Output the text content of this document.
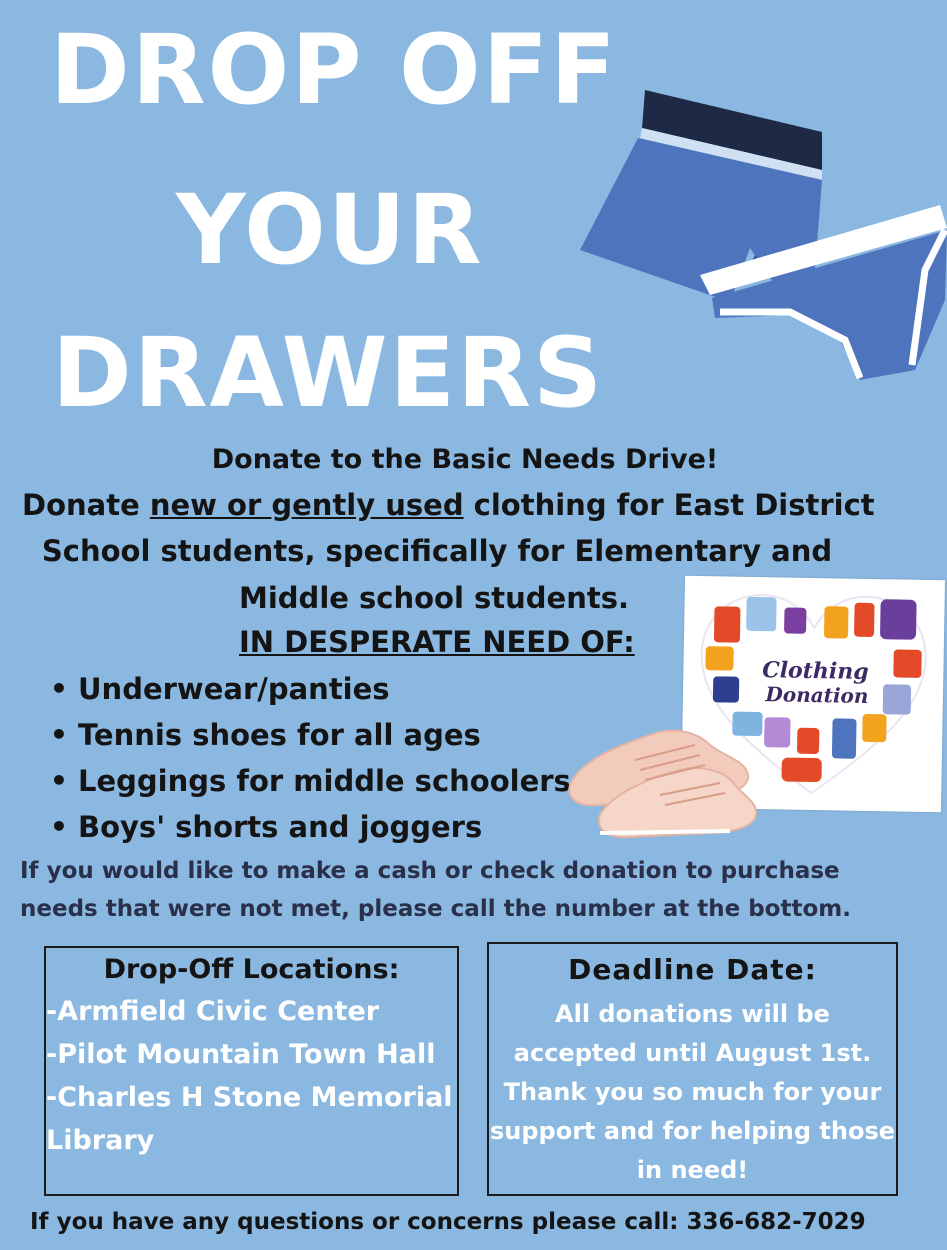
DROP OFF
YOUR
DRAWERS
Donate to the Basic Needs Drive!
Donate new or gently used clothing for East District
School students, specifically for Elementary and
Middle school students.
IN DESPERATE NEED OF:
• Underwear/panties
• Tennis shoes for all ages
• Leggings for middle schoolers
• Boys' shorts and joggers
Clothing
Donation
If you would like to make a cash or check donation to purchase
needs that were not met, please call the number at the bottom.
Drop-Off Locations:
-Armfield Civic Center
-Pilot Mountain Town Hall
-Charles H Stone Memorial
Library
Deadline Date:
All donations will be
accepted until August 1st.
Thank you so much for your
support and for helping those
in need!
If you have any questions or concerns please call: 336-682-7029
